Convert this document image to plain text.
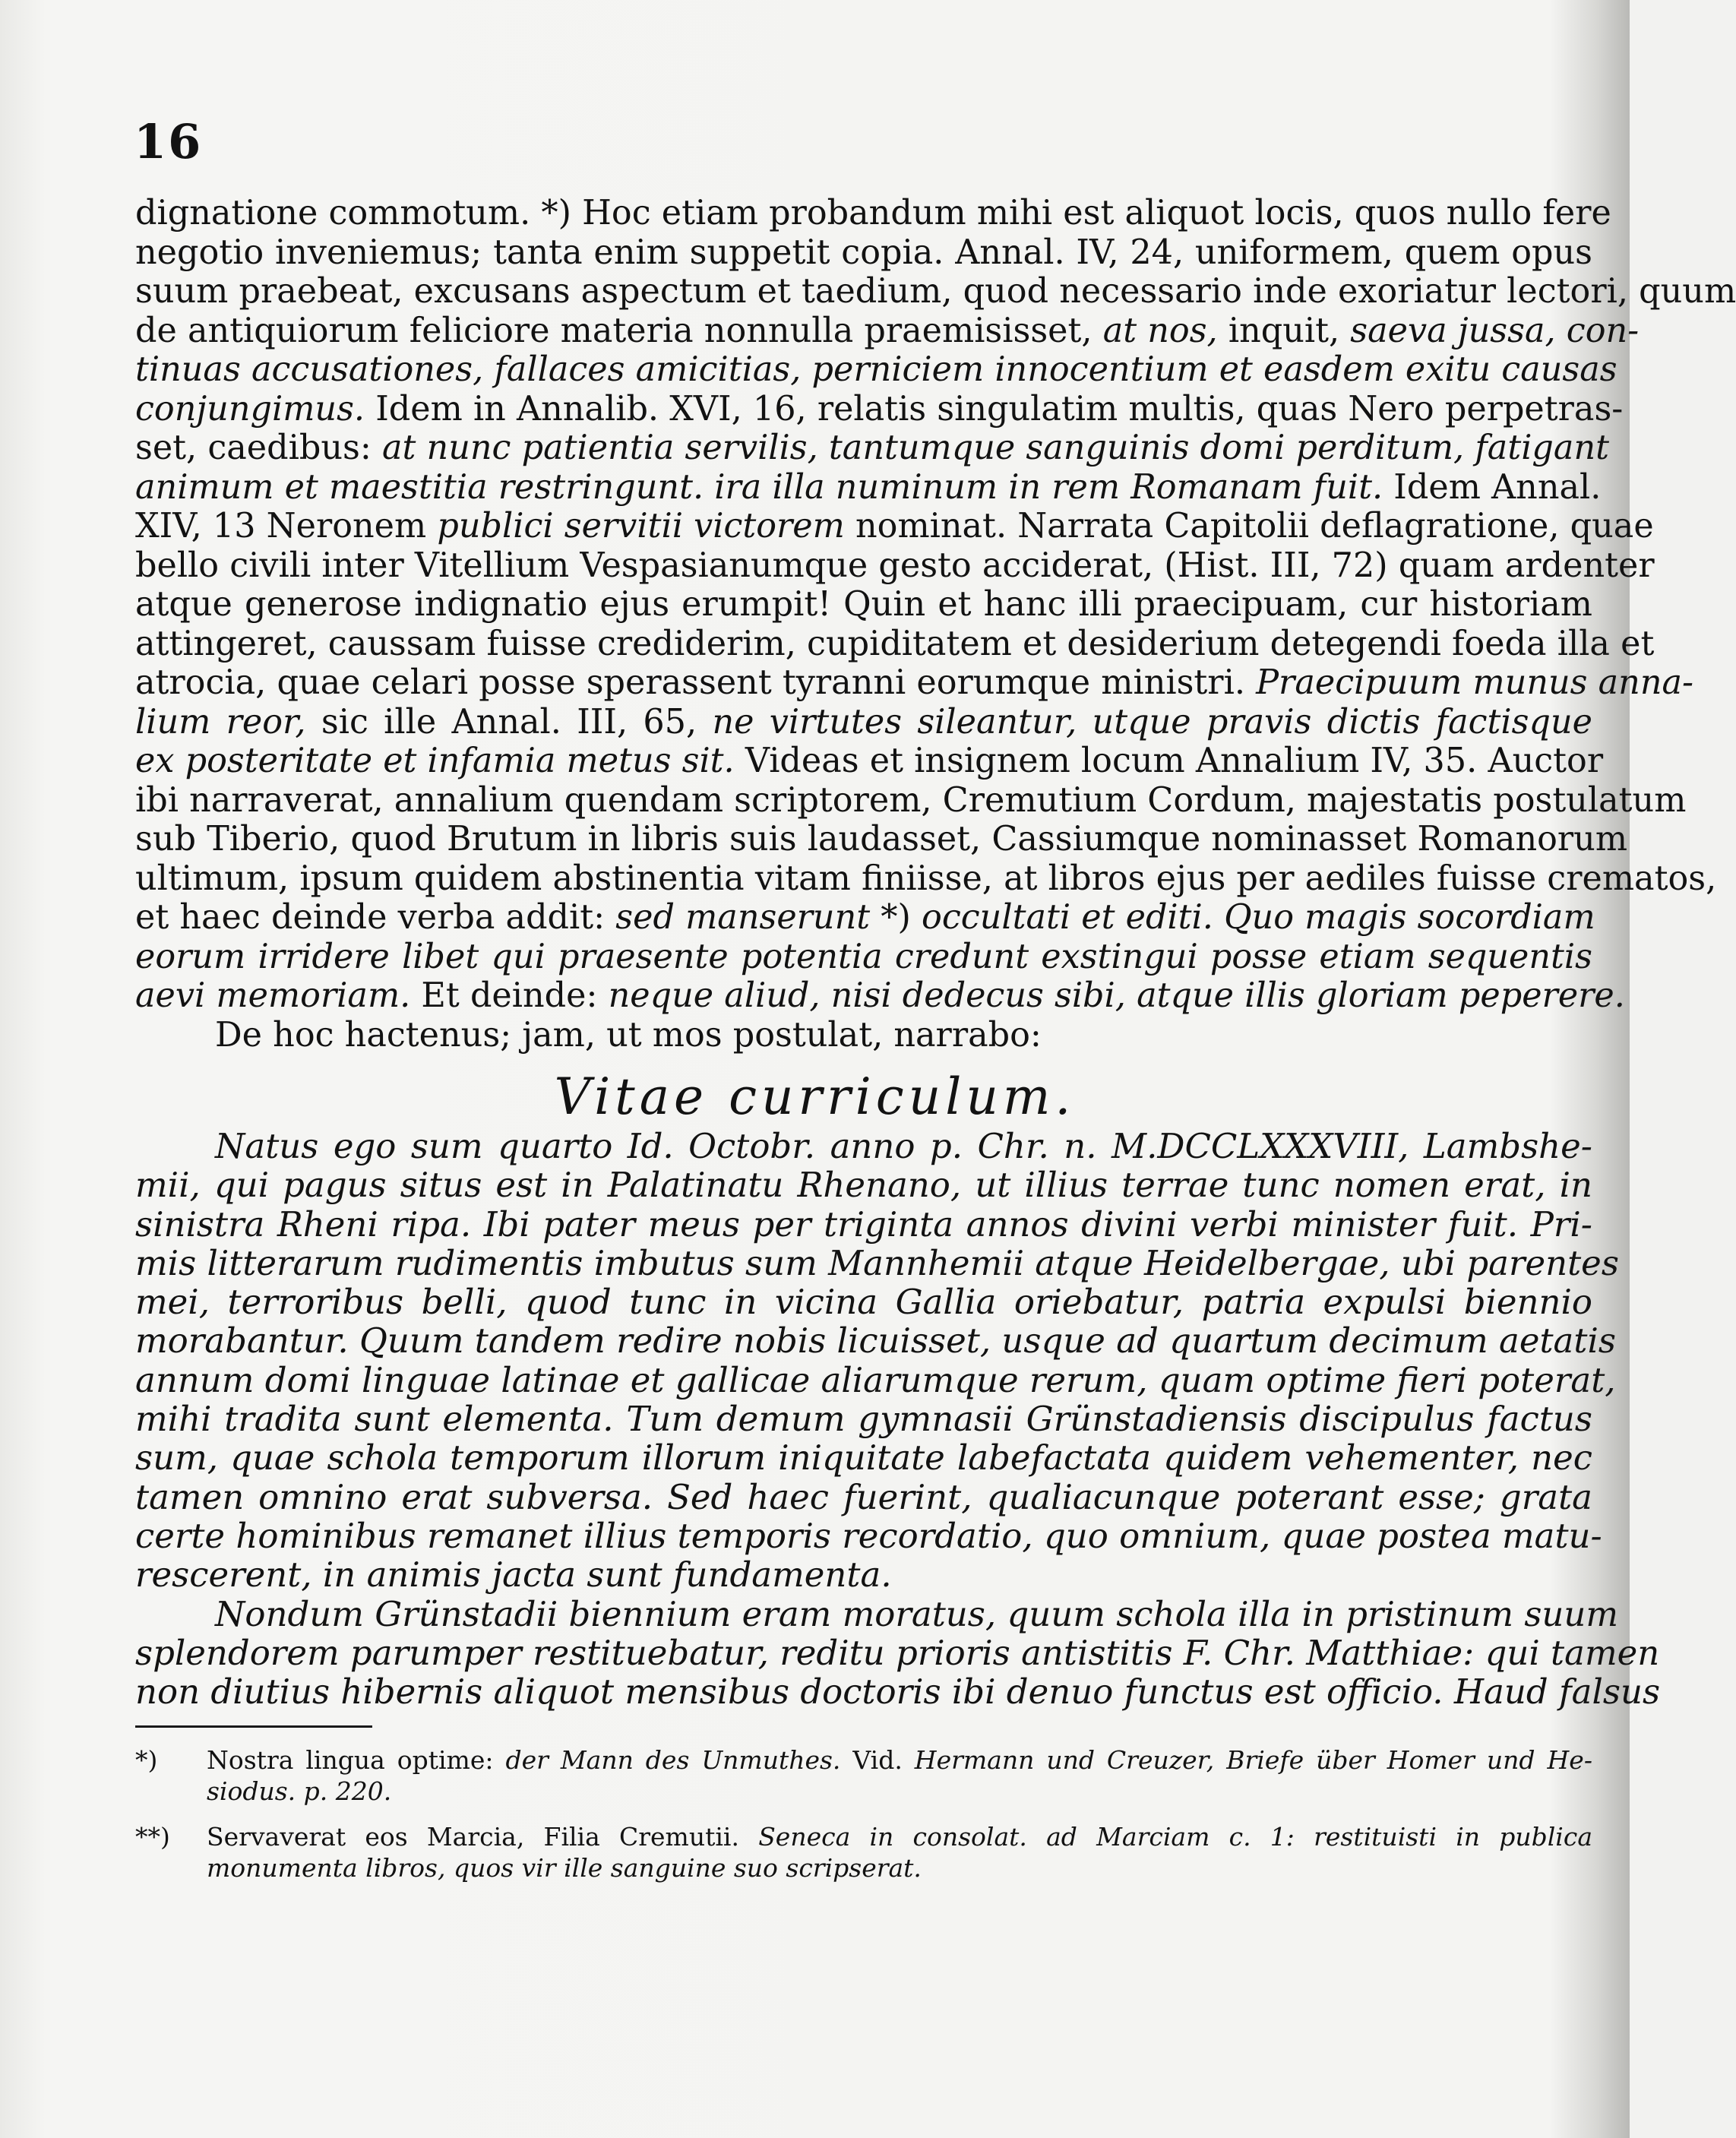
16
dignatione commotum. *) Hoc etiam probandum mihi est aliquot locis, quos nullo fere
negotio inveniemus; tanta enim suppetit copia. Annal. IV, 24, uniformem, quem opus
suum praebeat, excusans aspectum et taedium, quod necessario inde exoriatur lectori, quum
de antiquiorum feliciore materia nonnulla praemisisset, at nos, inquit, saeva jussa, con-
tinuas accusationes, fallaces amicitias, perniciem innocentium et easdem exitu causas
conjungimus. Idem in Annalib. XVI, 16, relatis singulatim multis, quas Nero perpetras-
set, caedibus: at nunc patientia servilis, tantumque sanguinis domi perditum, fatigant
animum et maestitia restringunt. ira illa numinum in rem Romanam fuit. Idem Annal.
XIV, 13 Neronem publici servitii victorem nominat. Narrata Capitolii deflagratione, quae
bello civili inter Vitellium Vespasianumque gesto acciderat, (Hist. III, 72) quam ardenter
atque generose indignatio ejus erumpit! Quin et hanc illi praecipuam, cur historiam
attingeret, caussam fuisse crediderim, cupiditatem et desiderium detegendi foeda illa et
atrocia, quae celari posse sperassent tyranni eorumque ministri. Praecipuum munus anna-
lium reor, sic ille Annal. III, 65, ne virtutes sileantur, utque pravis dictis factisque
ex posteritate et infamia metus sit. Videas et insignem locum Annalium IV, 35. Auctor
ibi narraverat, annalium quendam scriptorem, Cremutium Cordum, majestatis postulatum
sub Tiberio, quod Brutum in libris suis laudasset, Cassiumque nominasset Romanorum
ultimum, ipsum quidem abstinentia vitam finiisse, at libros ejus per aediles fuisse crematos,
et haec deinde verba addit: sed manserunt *) occultati et editi. Quo magis socordiam
eorum irridere libet qui praesente potentia credunt exstingui posse etiam sequentis
aevi memoriam. Et deinde: neque aliud, nisi dedecus sibi, atque illis gloriam peperere.
De hoc hactenus; jam, ut mos postulat, narrabo:
Vitae curriculum.
Natus ego sum quarto Id. Octobr. anno p. Chr. n. M.DCCLXXXVIII, Lambshe-
mii, qui pagus situs est in Palatinatu Rhenano, ut illius terrae tunc nomen erat, in
sinistra Rheni ripa. Ibi pater meus per triginta annos divini verbi minister fuit. Pri-
mis litterarum rudimentis imbutus sum Mannhemii atque Heidelbergae, ubi parentes
mei, terroribus belli, quod tunc in vicina Gallia oriebatur, patria expulsi biennio
morabantur. Quum tandem redire nobis licuisset, usque ad quartum decimum aetatis
annum domi linguae latinae et gallicae aliarumque rerum, quam optime fieri poterat,
mihi tradita sunt elementa. Tum demum gymnasii Grünstadiensis discipulus factus
sum, quae schola temporum illorum iniquitate labefactata quidem vehementer, nec
tamen omnino erat subversa. Sed haec fuerint, qualiacunque poterant esse; grata
certe hominibus remanet illius temporis recordatio, quo omnium, quae postea matu-
rescerent, in animis jacta sunt fundamenta.
Nondum Grünstadii biennium eram moratus, quum schola illa in pristinum suum
splendorem parumper restituebatur, reditu prioris antistitis F. Chr. Matthiae: qui tamen
non diutius hibernis aliquot mensibus doctoris ibi denuo functus est officio. Haud falsus
*) Nostra lingua optime: der Mann des Unmuthes. Vid. Hermann und Creuzer, Briefe über Homer und He-
siodus. p. 220.
**) Servaverat eos Marcia, Filia Cremutii. Seneca in consolat. ad Marciam c. 1: restituisti in publica
monumenta libros, quos vir ille sanguine suo scripserat.
